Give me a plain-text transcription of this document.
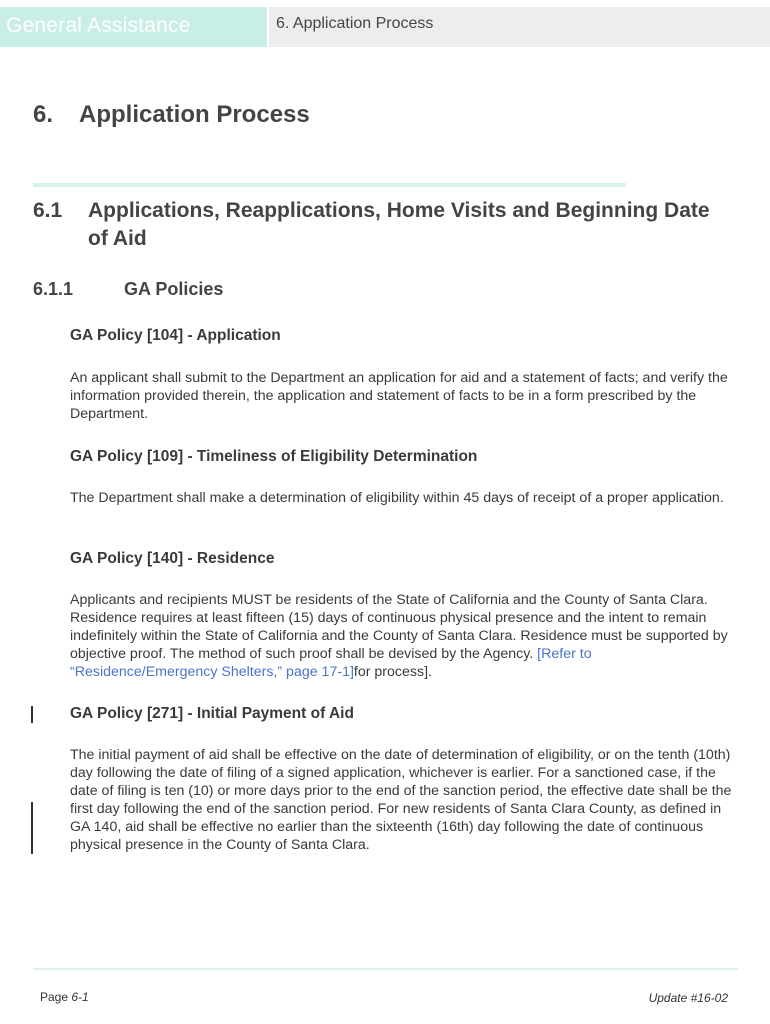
General Assistance	6. Application Process
6. Application Process
6.1 Applications, Reapplications, Home Visits and Beginning Date of Aid
6.1.1	GA Policies
GA Policy [104] - Application
An applicant shall submit to the Department an application for aid and a statement of facts; and verify the information provided therein, the application and statement of facts to be in a form prescribed by the Department.
GA Policy [109] - Timeliness of Eligibility Determination
The Department shall make a determination of eligibility within 45 days of receipt of a proper application.
GA Policy [140] - Residence
Applicants and recipients MUST be residents of the State of California and the County of Santa Clara. Residence requires at least fifteen (15) days of continuous physical presence and the intent to remain indefinitely within the State of California and the County of Santa Clara. Residence must be supported by objective proof. The method of such proof shall be devised by the Agency. [Refer to “Residence/Emergency Shelters,” page 17-1]for process].
GA Policy [271] - Initial Payment of Aid
The initial payment of aid shall be effective on the date of determination of eligibility, or on the tenth (10th) day following the date of filing of a signed application, whichever is earlier. For a sanctioned case, if the date of filing is ten (10) or more days prior to the end of the sanction period, the effective date shall be the first day following the end of the sanction period. For new residents of Santa Clara County, as defined in GA 140, aid shall be effective no earlier than the sixteenth (16th) day following the date of continuous physical presence in the County of Santa Clara.
Page 6-1	Update #16-02
